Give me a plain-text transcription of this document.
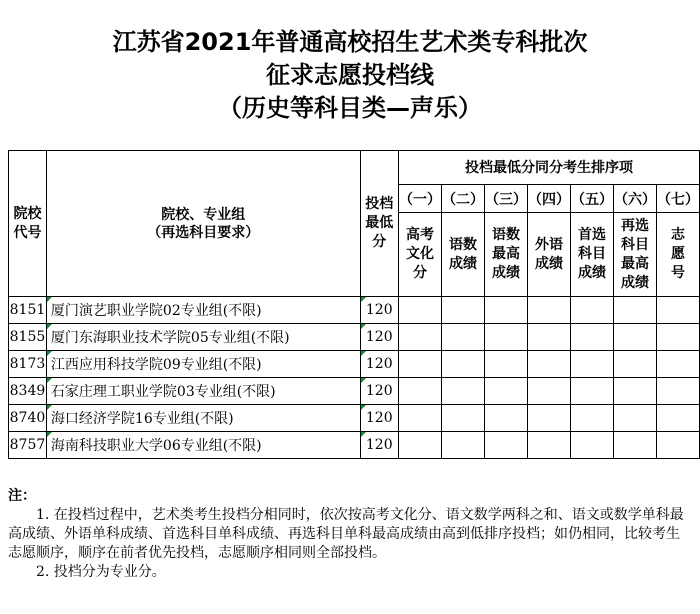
江苏省2021年普通高校招生艺术类专科批次
征求志愿投档线
（历史等科目类—声乐）
院校代号	院校、专业组
（再选科目要求）	投档最低分	投档最低分同分考生排序项						
			（一）	（二）	（三）	（四）	（五）	（六）	（七）

			高考文化分	语数成绩	语数最高成绩	外语成绩	首选科目成绩	再选科目最高成绩	志愿号

8151	厦门演艺职业学院02专业组(不限)	120							
8155	厦门东海职业技术学院05专业组(不限)	120							
8173	江西应用科技学院09专业组(不限)	120							
8349	石家庄理工职业学院03专业组(不限)	120							
8740	海口经济学院16专业组(不限)	120							
8757	海南科技职业大学06专业组(不限)	120							

注：

1. 在投档过程中，艺术类考生投档分相同时，依次按高考文化分、语文数学两科之和、语文或数学单科最高成绩、外语单科成绩、首选科目单科成绩、再选科目单科最高成绩由高到低排序投档；如仍相同，比较考生志愿顺序，顺序在前者优先投档，志愿顺序相同则全部投档。

2. 投档分为专业分。
